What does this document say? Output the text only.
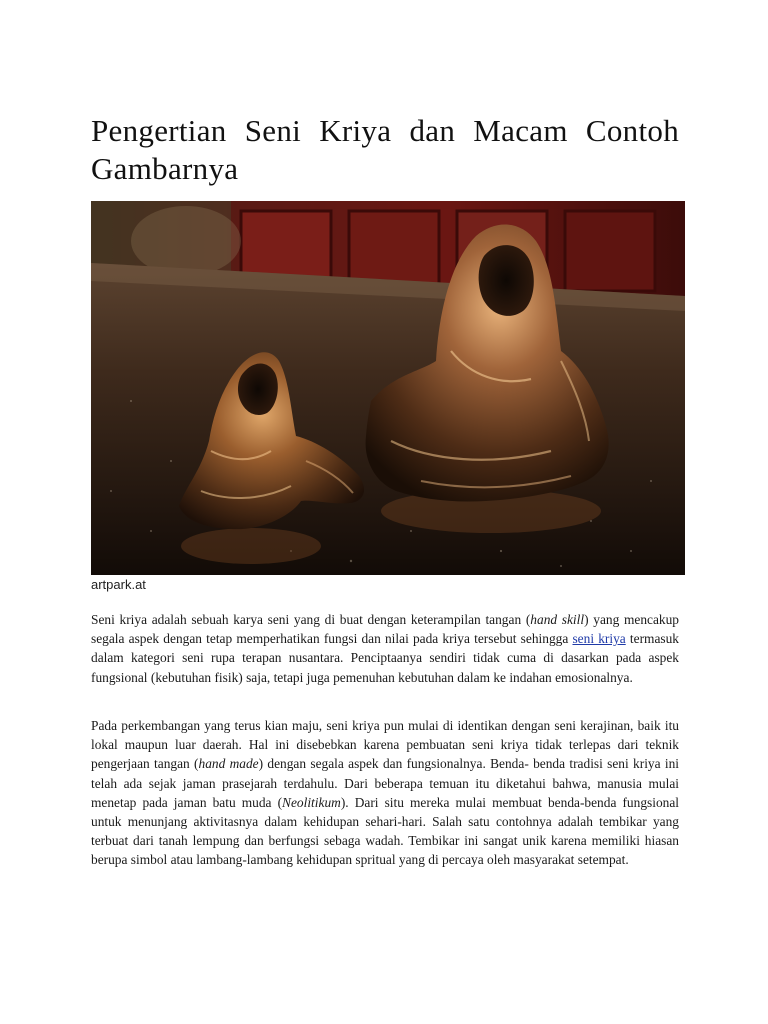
Pengertian Seni Kriya dan Macam Contoh Gambarnya
artpark.at

Seni kriya adalah sebuah karya seni yang di buat dengan keterampilan tangan (hand skill) yang mencakup segala aspek dengan tetap memperhatikan fungsi dan nilai pada kriya tersebut sehingga seni kriya termasuk dalam kategori seni rupa terapan nusantara. Penciptaanya sendiri tidak cuma di dasarkan pada aspek fungsional (kebutuhan fisik) saja, tetapi juga pemenuhan kebutuhan dalam ke indahan emosionalnya.

Pada perkembangan yang terus kian maju, seni kriya pun mulai di identikan dengan seni kerajinan, baik itu lokal maupun luar daerah. Hal ini disebebkan karena pembuatan seni kriya tidak terlepas dari teknik pengerjaan tangan (hand made) dengan segala aspek dan fungsionalnya. Benda- benda tradisi seni kriya ini telah ada sejak jaman prasejarah terdahulu. Dari beberapa temuan itu diketahui bahwa, manusia mulai menetap pada jaman batu muda (Neolitikum). Dari situ mereka mulai membuat benda-benda fungsional untuk menunjang aktivitasnya dalam kehidupan sehari-hari. Salah satu contohnya adalah tembikar yang terbuat dari tanah lempung dan berfungsi sebaga wadah. Tembikar ini sangat unik karena memiliki hiasan berupa simbol atau lambang-lambang kehidupan spritual yang di percaya oleh masyarakat setempat.
